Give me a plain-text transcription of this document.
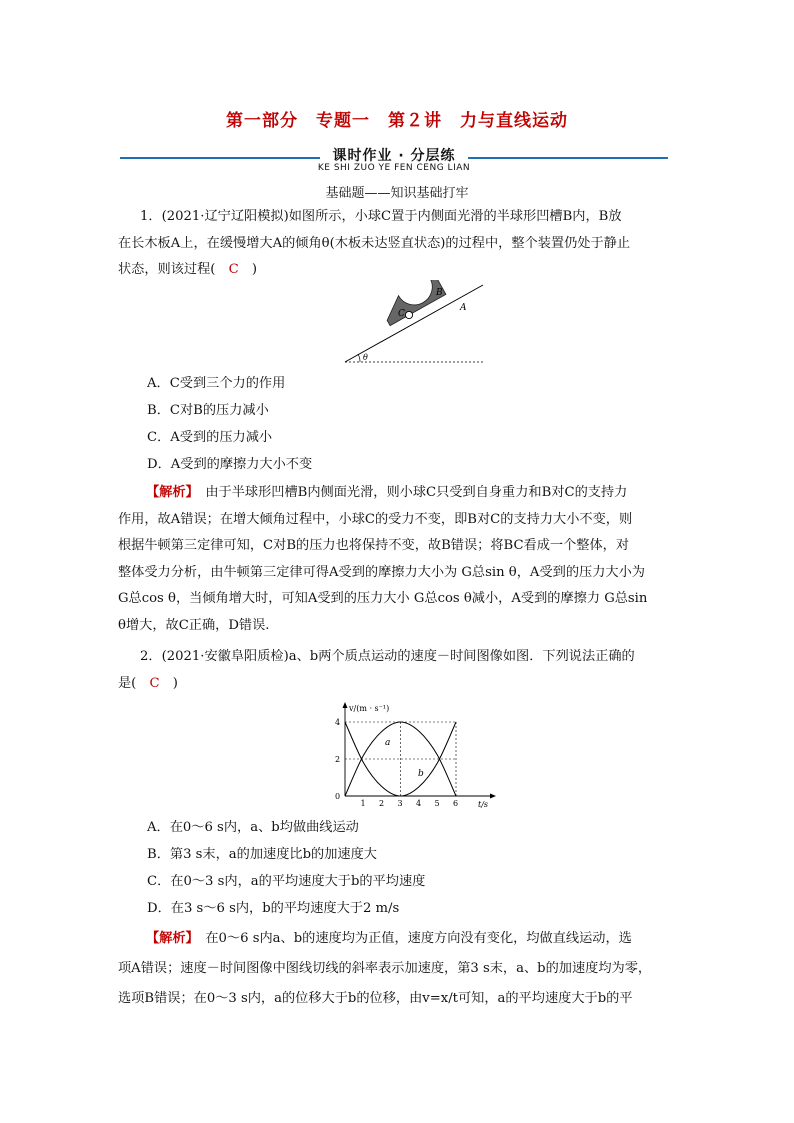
第一部分　专题一　第２讲　力与直线运动
课时作业 · 分层练
KE SHI ZUO YE FEN CENG LIAN
基础题——知识基础打牢
1．(2021·辽宁辽阳模拟)如图所示，小球C置于内侧面光滑的半球形凹槽B内，B放
在长木板A上，在缓慢增大A的倾角θ(木板未达竖直状态)的过程中，整个装置仍处于静止
状态，则该过程(　C　)
C
B
A
θ
A．C受到三个力的作用
B．C对B的压力减小
C．A受到的压力减小
D．A受到的摩擦力大小不变
【解析】　由于半球形凹槽B内侧面光滑，则小球C只受到自身重力和B对C的支持力
作用，故A错误；在增大倾角过程中，小球C的受力不变，即B对C的支持力大小不变，则
根据牛顿第三定律可知，C对B的压力也将保持不变，故B错误；将BC看成一个整体，对
整体受力分析，由牛顿第三定律可得A受到的摩擦力大小为 G总sin θ，A受到的压力大小为
G总cos θ，当倾角增大时，可知A受到的压力大小 G总cos θ减小，A受到的摩擦力 G总sin
θ增大，故C正确，D错误.
2．(2021·安徽阜阳质检)a、b两个质点运动的速度－时间图像如图．下列说法正确的
是(　C　)
v/(m · s⁻¹)
t/s
1 2 3 4 5 6
0
2
4
a
b
A．在0～6 s内，a、b均做曲线运动
B．第3 s末，a的加速度比b的加速度大
C．在0～3 s内，a的平均速度大于b的平均速度
D．在3 s～6 s内，b的平均速度大于2 m/s
【解析】　在0～6 s内a、b的速度均为正值，速度方向没有变化，均做直线运动，选
项A错误；速度－时间图像中图线切线的斜率表示加速度，第3 s末，a、b的加速度均为零，
选项B错误；在0～3 s内，a的位移大于b的位移，由v=x/t可知，a的平均速度大于b的平
